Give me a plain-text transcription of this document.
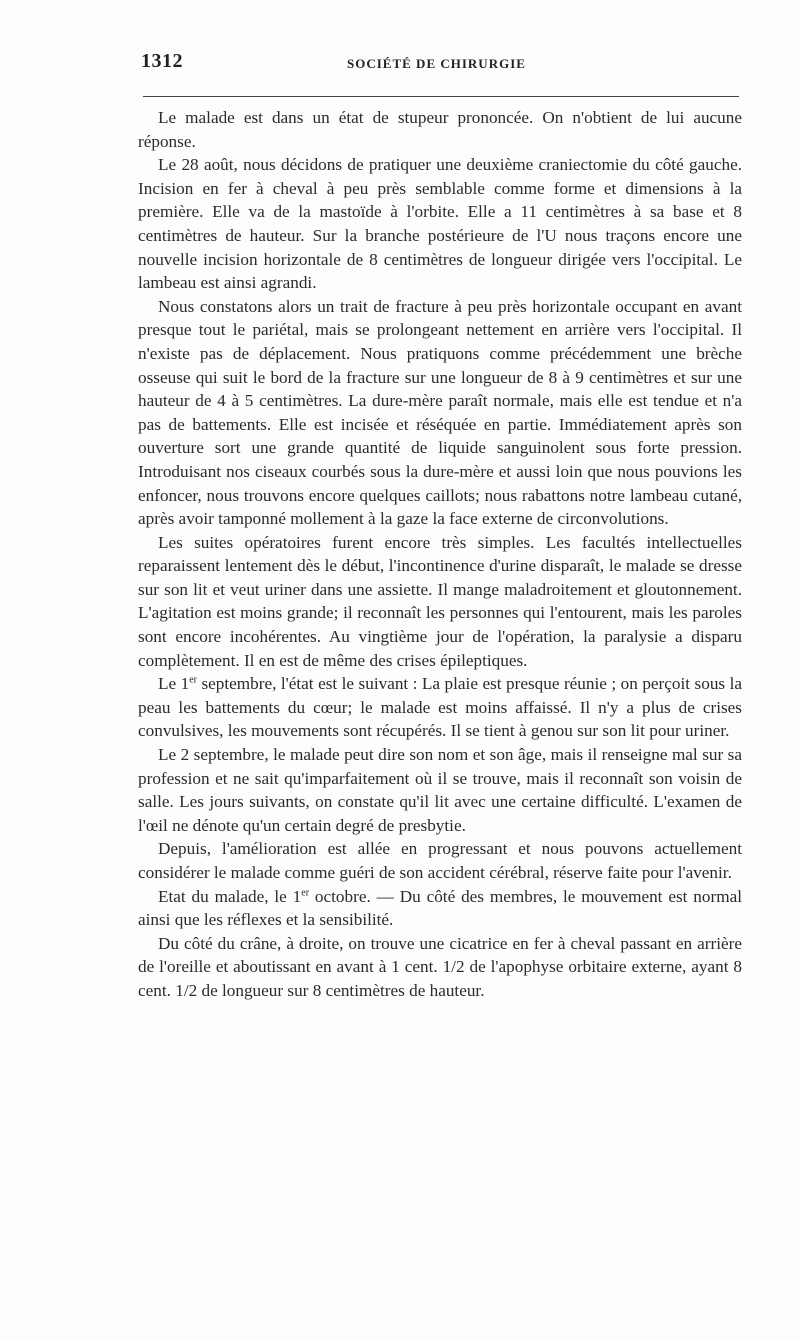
1312	SOCIÉTÉ DE CHIRURGIE

Le malade est dans un état de stupeur prononcée. On n'obtient de lui aucune réponse.

Le 28 août, nous décidons de pratiquer une deuxième craniectomie du côté gauche. Incision en fer à cheval à peu près semblable comme forme et dimensions à la première. Elle va de la mastoïde à l'orbite. Elle a 11 centimètres à sa base et 8 centimètres de hauteur. Sur la branche postérieure de l'U nous traçons encore une nouvelle incision horizontale de 8 centimètres de longueur dirigée vers l'occipital. Le lambeau est ainsi agrandi.

Nous constatons alors un trait de fracture à peu près horizontale occupant en avant presque tout le pariétal, mais se prolongeant nettement en arrière vers l'occipital. Il n'existe pas de déplacement. Nous pratiquons comme précédemment une brèche osseuse qui suit le bord de la fracture sur une longueur de 8 à 9 centimètres et sur une hauteur de 4 à 5 centimètres. La dure-mère paraît normale, mais elle est tendue et n'a pas de battements. Elle est incisée et réséquée en partie. Immédiatement après son ouverture sort une grande quantité de liquide sanguinolent sous forte pression. Introduisant nos ciseaux courbés sous la dure-mère et aussi loin que nous pouvions les enfoncer, nous trouvons encore quelques caillots; nous rabattons notre lambeau cutané, après avoir tamponné mollement à la gaze la face externe de circonvolutions.

Les suites opératoires furent encore très simples. Les facultés intellectuelles reparaissent lentement dès le début, l'incontinence d'urine disparaît, le malade se dresse sur son lit et veut uriner dans une assiette. Il mange maladroitement et gloutonnement. L'agitation est moins grande; il reconnaît les personnes qui l'entourent, mais les paroles sont encore incohérentes. Au vingtième jour de l'opération, la paralysie a disparu complètement. Il en est de même des crises épileptiques.

Le 1er septembre, l'état est le suivant : La plaie est presque réunie ; on perçoit sous la peau les battements du cœur; le malade est moins affaissé. Il n'y a plus de crises convulsives, les mouvements sont récupérés. Il se tient à genou sur son lit pour uriner.

Le 2 septembre, le malade peut dire son nom et son âge, mais il renseigne mal sur sa profession et ne sait qu'imparfaitement où il se trouve, mais il reconnaît son voisin de salle. Les jours suivants, on constate qu'il lit avec une certaine difficulté. L'examen de l'œil ne dénote qu'un certain degré de presbytie.

Depuis, l'amélioration est allée en progressant et nous pouvons actuellement considérer le malade comme guéri de son accident cérébral, réserve faite pour l'avenir.

Etat du malade, le 1er octobre. — Du côté des membres, le mouvement est normal ainsi que les réflexes et la sensibilité.

Du côté du crâne, à droite, on trouve une cicatrice en fer à cheval passant en arrière de l'oreille et aboutissant en avant à 1 cent. 1/2 de l'apophyse orbitaire externe, ayant 8 cent. 1/2 de longueur sur 8 centimètres de hauteur.
